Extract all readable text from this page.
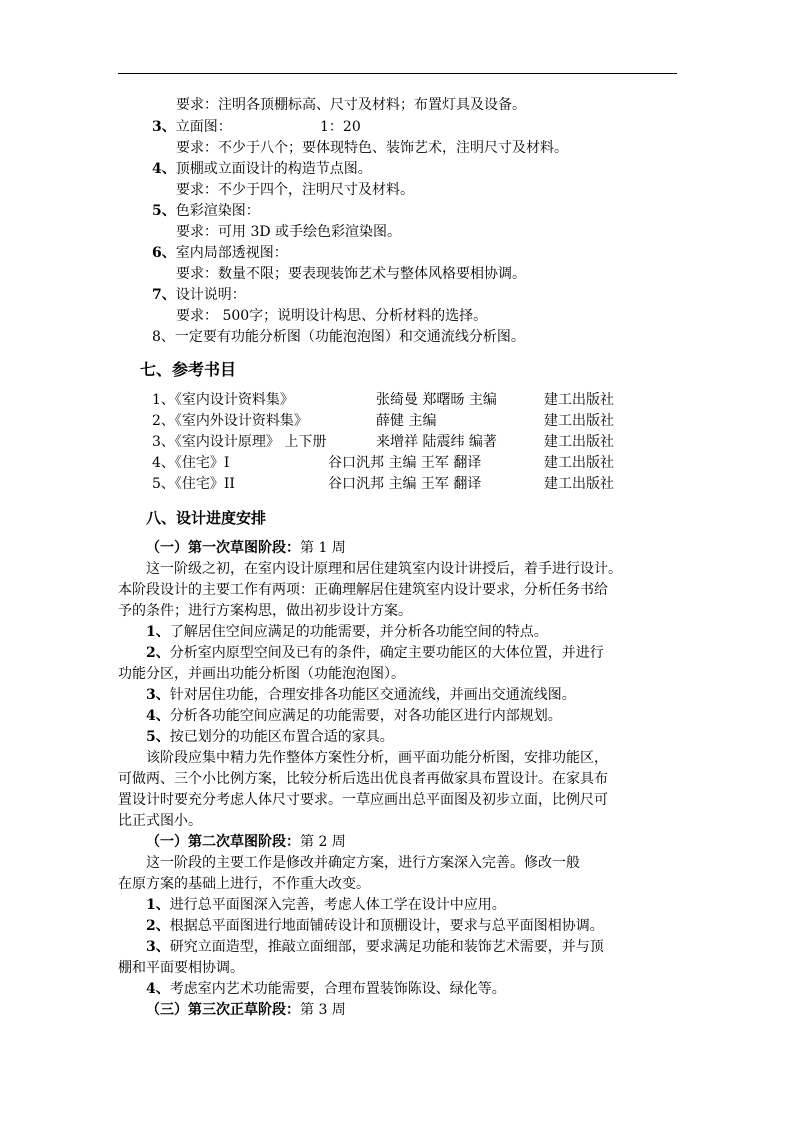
要求：注明各顶棚标高、尺寸及材料；布置灯具及设备。
3、立面图：	1：20
要求：不少于八个；要体现特色、装饰艺术，注明尺寸及材料。
4、顶棚或立面设计的构造节点图。
要求：不少于四个，注明尺寸及材料。
5、色彩渲染图：
要求：可用 3D 或手绘色彩渲染图。
6、室内局部透视图：
要求：数量不限；要表现装饰艺术与整体风格要相协调。
7、设计说明：
要求： 500字；说明设计构思、分析材料的选择。
8、一定要有功能分析图（功能泡泡图）和交通流线分析图。
七、参考书目
1、《室内设计资料集》	张绮曼 郑曙旸 主编	建工出版社
2、《室内外设计资料集》	薛健 主编	建工出版社
3、《室内设计原理》 上下册	来增祥 陆震纬 编著	建工出版社
4、《住宅》I	谷口汎邦 主编 王军 翻译	建工出版社
5、《住宅》II	谷口汎邦 主编 王军 翻译	建工出版社
八、设计进度安排
（一）第一次草图阶段：第 1 周
这一阶级之初，在室内设计原理和居住建筑室内设计讲授后，着手进行设计。
本阶段设计的主要工作有两项：正确理解居住建筑室内设计要求，分析任务书给
予的条件；进行方案构思，做出初步设计方案。
1、了解居住空间应满足的功能需要，并分析各功能空间的特点。
2、分析室内原型空间及已有的条件，确定主要功能区的大体位置，并进行
功能分区，并画出功能分析图（功能泡泡图）。
3、针对居住功能，合理安排各功能区交通流线，并画出交通流线图。
4、分析各功能空间应满足的功能需要，对各功能区进行内部规划。
5、按已划分的功能区布置合适的家具。
该阶段应集中精力先作整体方案性分析，画平面功能分析图，安排功能区，
可做两、三个小比例方案，比较分析后选出优良者再做家具布置设计。在家具布
置设计时要充分考虑人体尺寸要求。一草应画出总平面图及初步立面，比例尺可
比正式图小。
（一）第二次草图阶段：第 2 周
这一阶段的主要工作是修改并确定方案，进行方案深入完善。修改一般
在原方案的基础上进行，不作重大改变。
1、进行总平面图深入完善，考虑人体工学在设计中应用。
2、根据总平面图进行地面铺砖设计和顶棚设计，要求与总平面图相协调。
3、研究立面造型，推敲立面细部，要求满足功能和装饰艺术需要，并与顶
棚和平面要相协调。
4、考虑室内艺术功能需要，合理布置装饰陈设、绿化等。
（三）第三次正草阶段：第 3 周
